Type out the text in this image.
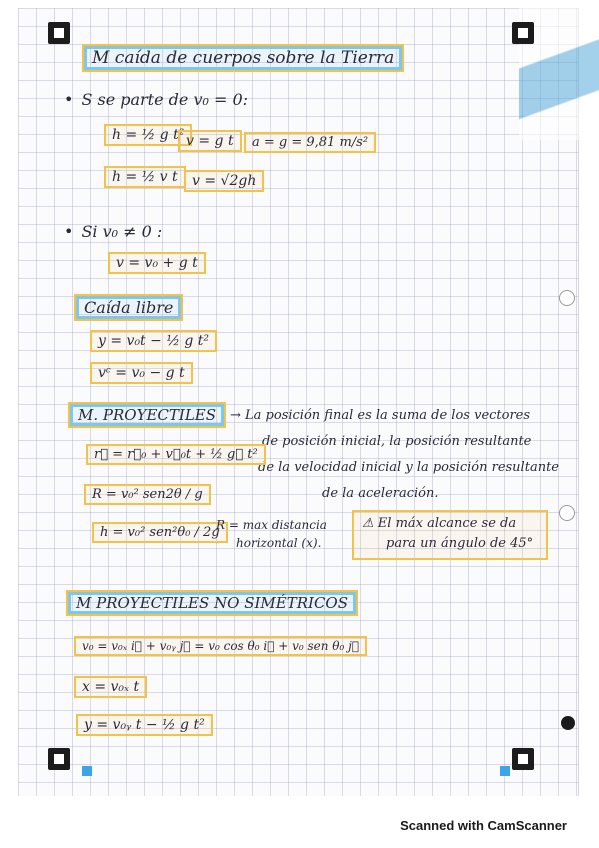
M caída de cuerpos sobre la Tierra
• S se parte de v₀ = 0:
h = ½ g t² v = g t	a = g = 9,81 m/s²
h = ½ v t	v = √2gh
• Si v₀ ≠ 0 :
v = v₀ + g t
Caída libre
y = v₀t − ½ g t²
vᶜ = v₀ − g t
M. PROYECTILES	→ La posición final es la suma de los vectores
de posición inicial, la posición resultante
de la velocidad inicial y la posición resultante
de la aceleración.
r⃗ = r⃗₀ + v⃗₀t + ½ g⃗ t²
R = v₀² sen2θ / g
h = v₀² sen²θ₀ / 2g
R = max distancia
horizontal (x).
⚠ El máx alcance se da
para un ángulo de 45°
M PROYECTILES NO SIMÉTRICOS
v₀ = v₀ₓ i⃗ + v₀ᵧ j⃗ = v₀ cos θ₀ i⃗ + v₀ sen θ₀ j⃗
x = v₀ₓ t
y = v₀ᵧ t − ½ g t²
Scanned with CamScanner
